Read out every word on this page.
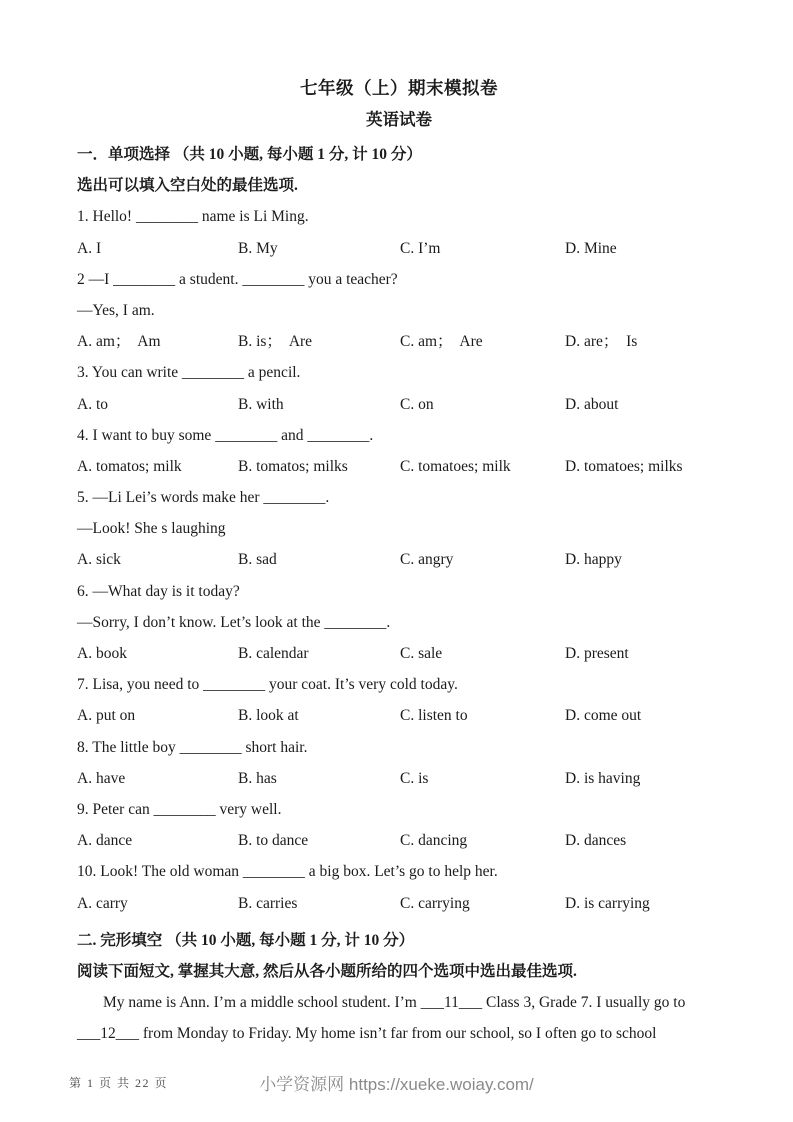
七年级（上）期末模拟卷
英语试卷
一．单项选择 （共 10 小题, 每小题 1 分, 计 10 分）
选出可以填入空白处的最佳选项.
1. Hello! ________ name is Li Ming.
A. I	B. My	C. I’m	D. Mine
2 —I ________ a student. ________ you a teacher?
—Yes, I am.
A. am；  Am	B. is；  Are	C. am；  Are	D. are；  Is
3. You can write ________ a pencil.
A. to	B. with	C. on	D. about
4. I want to buy some ________ and ________.
A. tomatos; milk	B. tomatos; milks	C. tomatoes; milk	D. tomatoes; milks
5. —Li Lei’s words make her ________.
—Look! She s laughing
A. sick	B. sad	C. angry	D. happy
6. —What day is it today?
—Sorry, I don’t know. Let’s look at the ________.
A. book	B. calendar	C. sale	D. present
7. Lisa, you need to ________ your coat. It’s very cold today.
A. put on	B. look at	C. listen to	D. come out
8. The little boy ________ short hair.
A. have	B. has	C. is	D. is having
9. Peter can ________ very well.
A. dance	B. to dance	C. dancing	D. dances
10. Look! The old woman ________ a big box. Let’s go to help her.
A. carry	B. carries	C. carrying	D. is carrying
二. 完形填空 （共 10 小题, 每小题 1 分, 计 10 分）
阅读下面短文, 掌握其大意, 然后从各小题所给的四个选项中选出最佳选项.
My name is Ann. I’m a middle school student. I’m ___11___ Class 3, Grade 7. I usually go to
___12___ from Monday to Friday. My home isn’t far from our school, so I often go to school
第 1 页 共 22 页	小学资源网 https://xueke.woiay.com/
